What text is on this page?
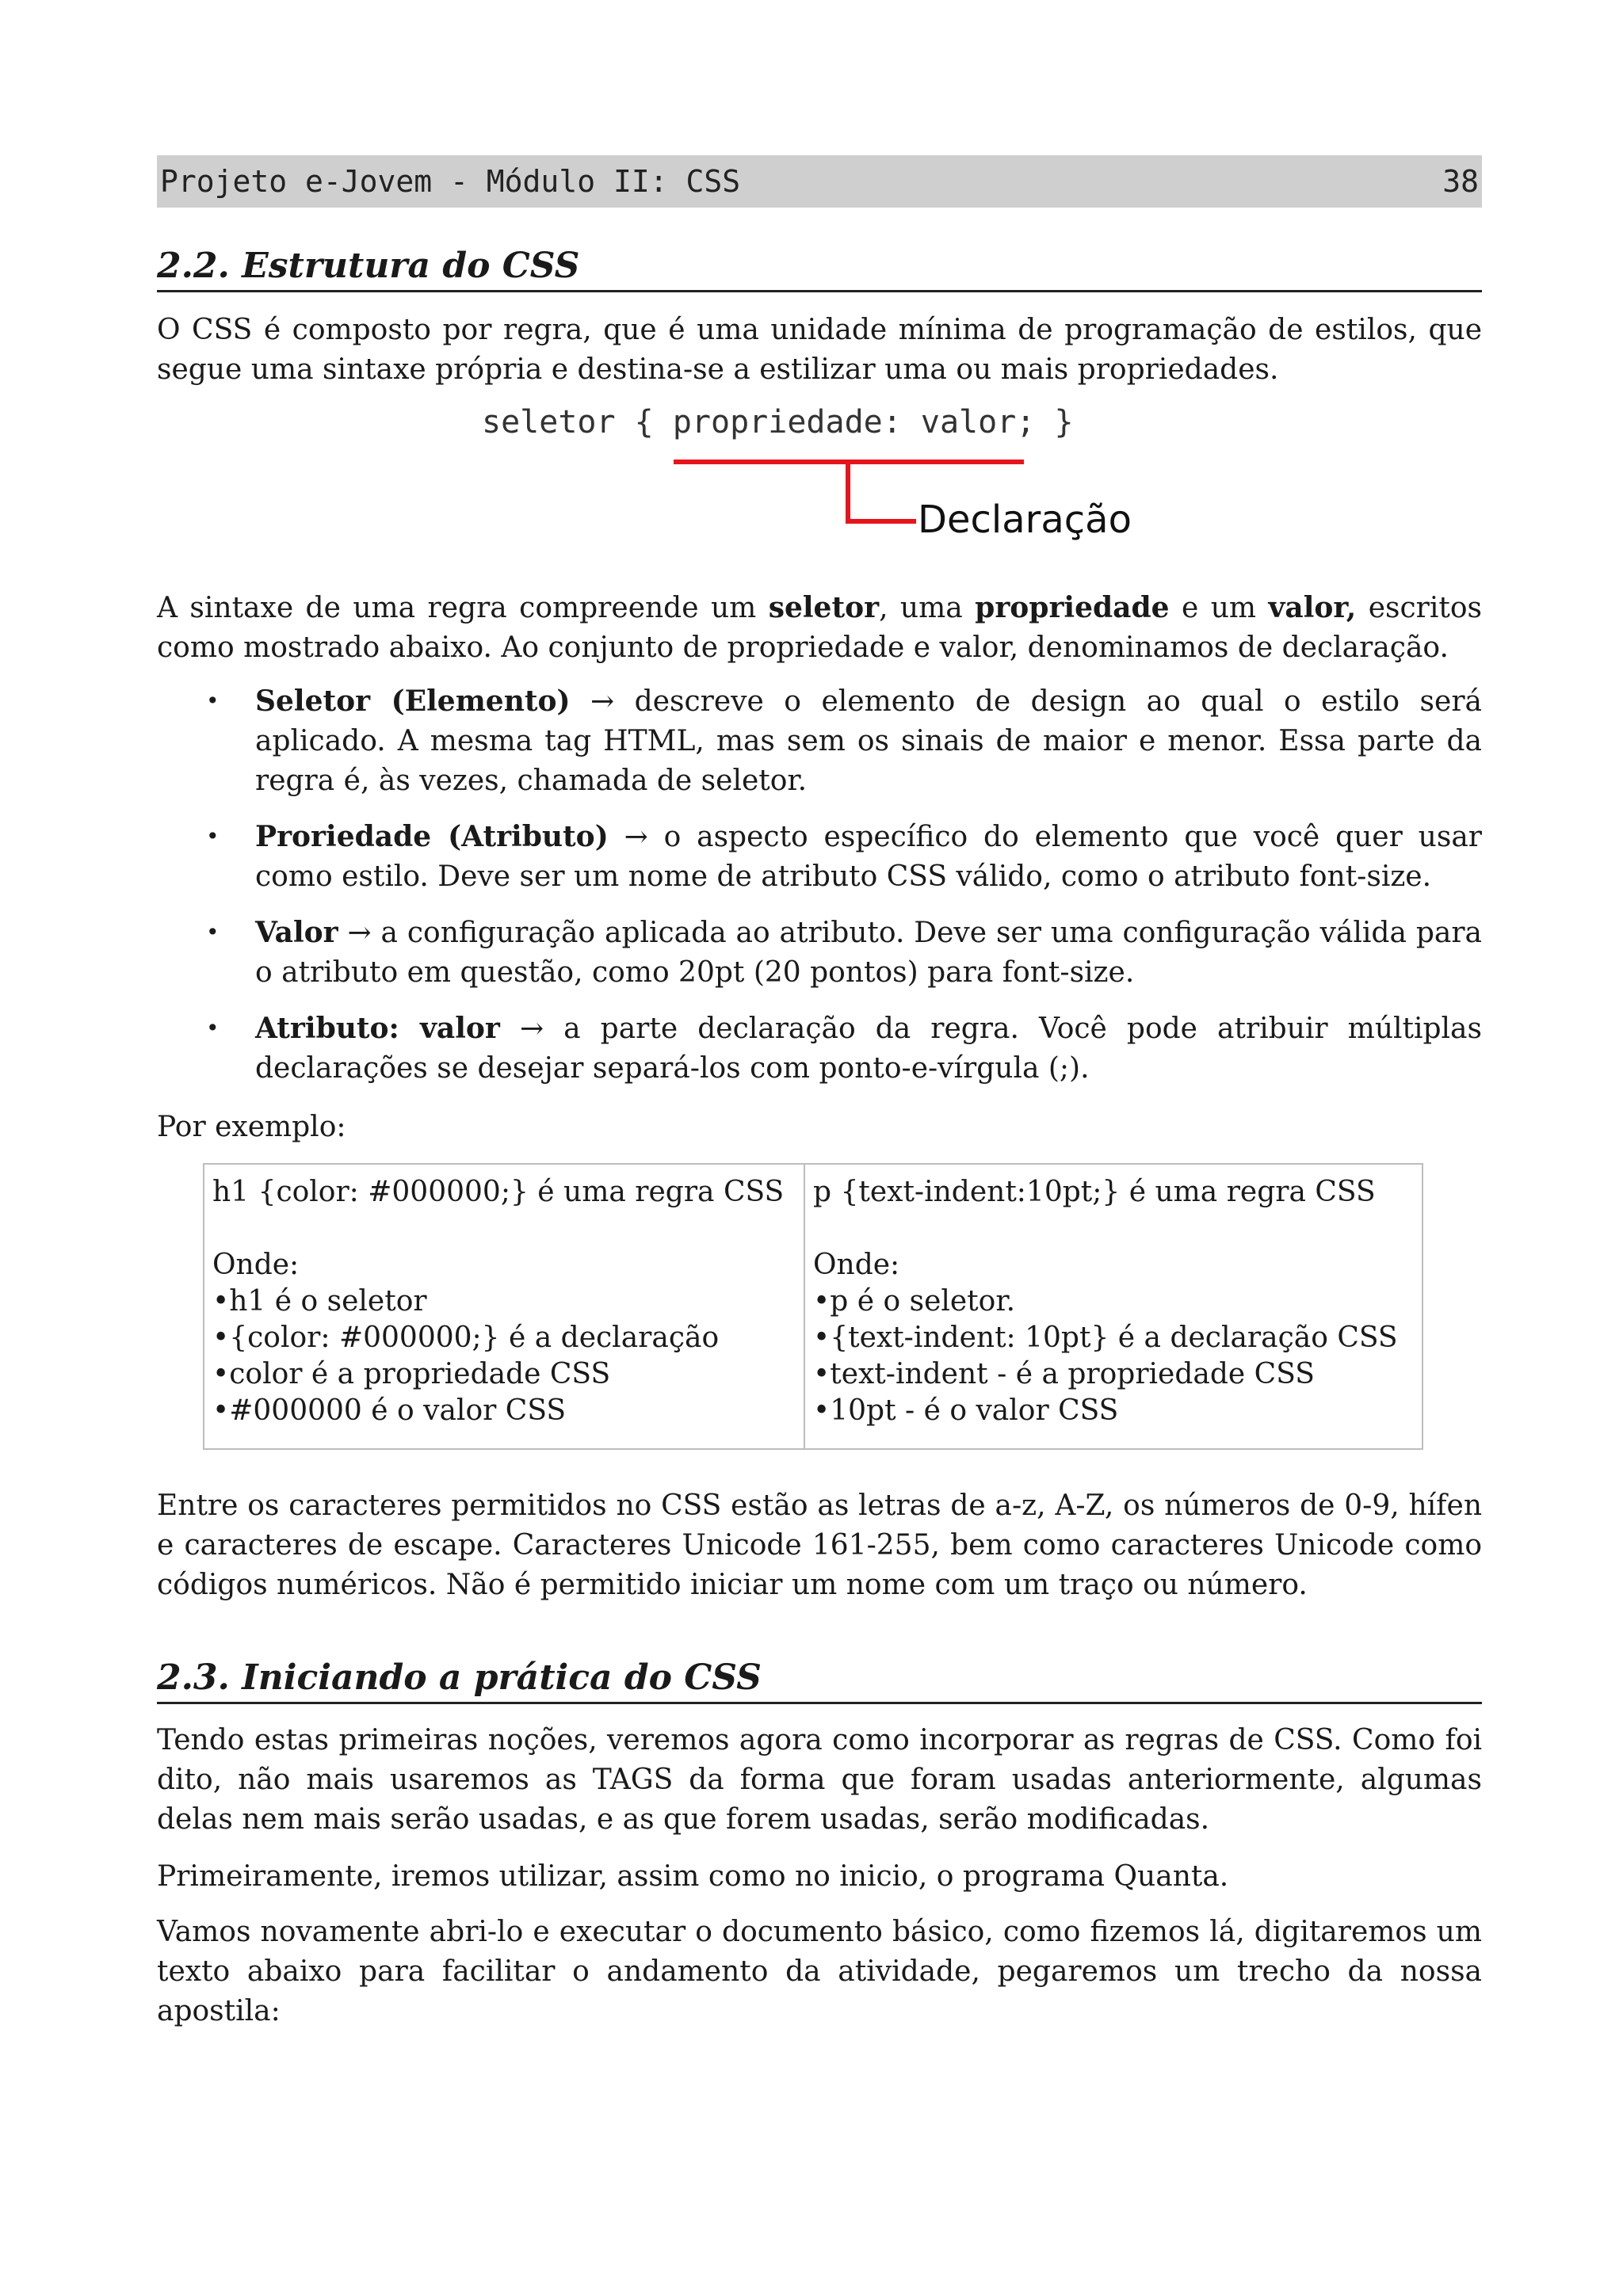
Projeto e-Jovem - Módulo II: CSS	38
2.2. Estrutura do CSS

O CSS é composto por regra, que é uma unidade mínima de programação de estilos, que segue uma sintaxe própria e destina-se a estilizar uma ou mais propriedades.

seletor { propriedade: valor; }
Declaração

A sintaxe de uma regra compreende um seletor, uma propriedade e um valor, escritos como mostrado abaixo. Ao conjunto de propriedade e valor, denominamos de declaração.

• Seletor (Elemento) → descreve o elemento de design ao qual o estilo será aplicado. A mesma tag HTML, mas sem os sinais de maior e menor. Essa parte da regra é, às vezes, chamada de seletor.
• Proriedade (Atributo) → o aspecto específico do elemento que você quer usar como estilo. Deve ser um nome de atributo CSS válido, como o atributo font-size.
• Valor → a configuração aplicada ao atributo. Deve ser uma configuração válida para o atributo em questão, como 20pt (20 pontos) para font-size.
• Atributo: valor → a parte declaração da regra. Você pode atribuir múltiplas declarações se desejar separá-los com ponto-e-vírgula (;).

Por exemplo:

h1 {color: #000000;} é uma regra CSS
Onde:
•h1 é o seletor
•{color: #000000;} é a declaração
•color é a propriedade CSS
•#000000 é o valor CSS
p {text-indent:10pt;} é uma regra CSS
Onde:
•p é o seletor.
•{text-indent: 10pt} é a declaração CSS
•text-indent - é a propriedade CSS
•10pt - é o valor CSS

Entre os caracteres permitidos no CSS estão as letras de a-z, A-Z, os números de 0-9, hífen e caracteres de escape. Caracteres Unicode 161-255, bem como caracteres Unicode como códigos numéricos. Não é permitido iniciar um nome com um traço ou número.

2.3. Iniciando a prática do CSS

Tendo estas primeiras noções, veremos agora como incorporar as regras de CSS. Como foi dito, não mais usaremos as TAGS da forma que foram usadas anteriormente, algumas delas nem mais serão usadas, e as que forem usadas, serão modificadas.

Primeiramente, iremos utilizar, assim como no inicio, o programa Quanta.

Vamos novamente abri-lo e executar o documento básico, como fizemos lá, digitaremos um texto abaixo para facilitar o andamento da atividade, pegaremos um trecho da nossa apostila:
